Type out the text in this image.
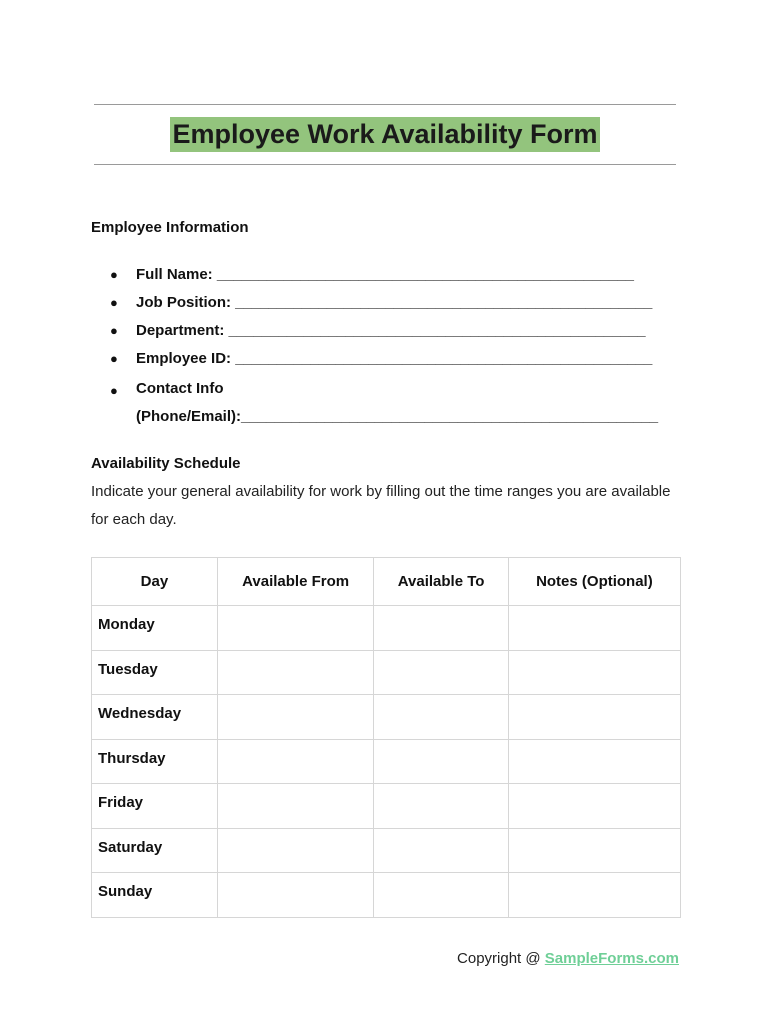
Employee Work Availability Form
Employee Information
● Full Name: __________________________________________________
● Job Position: __________________________________________________
● Department: __________________________________________________
● Employee ID: __________________________________________________
● Contact Info
(Phone/Email):__________________________________________________
Availability Schedule
Indicate your general availability for work by filling out the time ranges you are available for each day.
Day	Available From	Available To	Notes (Optional)
Monday			
Tuesday			
Wednesday			
Thursday			
Friday			
Saturday			
Sunday			
Copyright @ SampleForms.com
